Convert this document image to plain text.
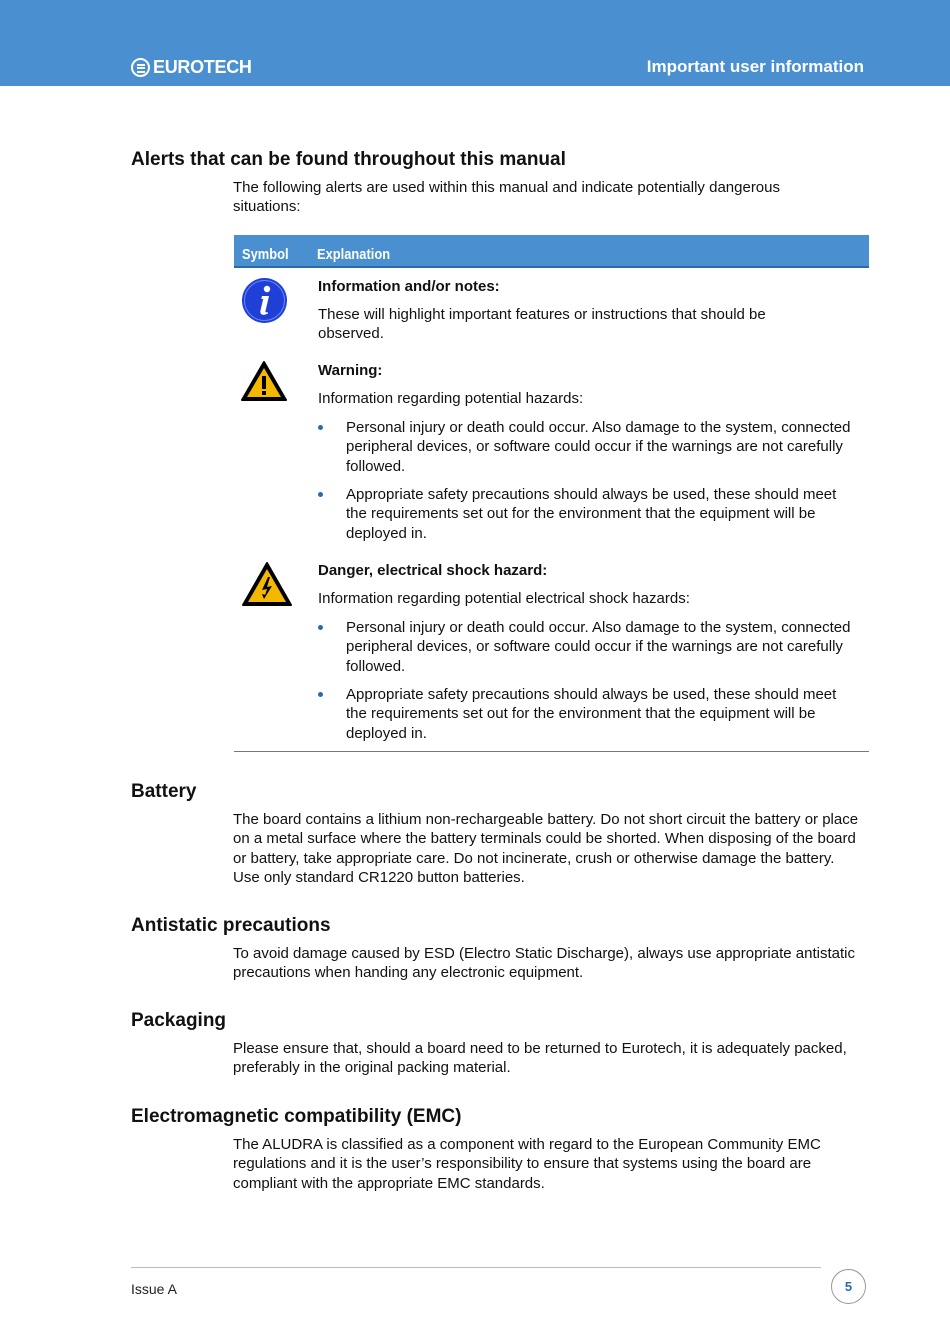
EUROTECH	Important user information
Alerts that can be found throughout this manual
The following alerts are used within this manual and indicate potentially dangerous situations:
Symbol Explanation
Information and/or notes:
These will highlight important features or instructions that should be observed.
Warning:
Information regarding potential hazards:
Personal injury or death could occur. Also damage to the system, connected peripheral devices, or software could occur if the warnings are not carefully followed.
Appropriate safety precautions should always be used, these should meet the requirements set out for the environment that the equipment will be deployed in.
Danger, electrical shock hazard:
Information regarding potential electrical shock hazards:
Personal injury or death could occur. Also damage to the system, connected peripheral devices, or software could occur if the warnings are not carefully followed.
Appropriate safety precautions should always be used, these should meet the requirements set out for the environment that the equipment will be deployed in.
Battery
The board contains a lithium non-rechargeable battery. Do not short circuit the battery or place on a metal surface where the battery terminals could be shorted. When disposing of the board or battery, take appropriate care. Do not incinerate, crush or otherwise damage the battery. Use only standard CR1220 button batteries.
Antistatic precautions
To avoid damage caused by ESD (Electro Static Discharge), always use appropriate antistatic precautions when handing any electronic equipment.
Packaging
Please ensure that, should a board need to be returned to Eurotech, it is adequately packed, preferably in the original packing material.
Electromagnetic compatibility (EMC)
The ALUDRA is classified as a component with regard to the European Community EMC regulations and it is the user’s responsibility to ensure that systems using the board are compliant with the appropriate EMC standards.
Issue A	5
